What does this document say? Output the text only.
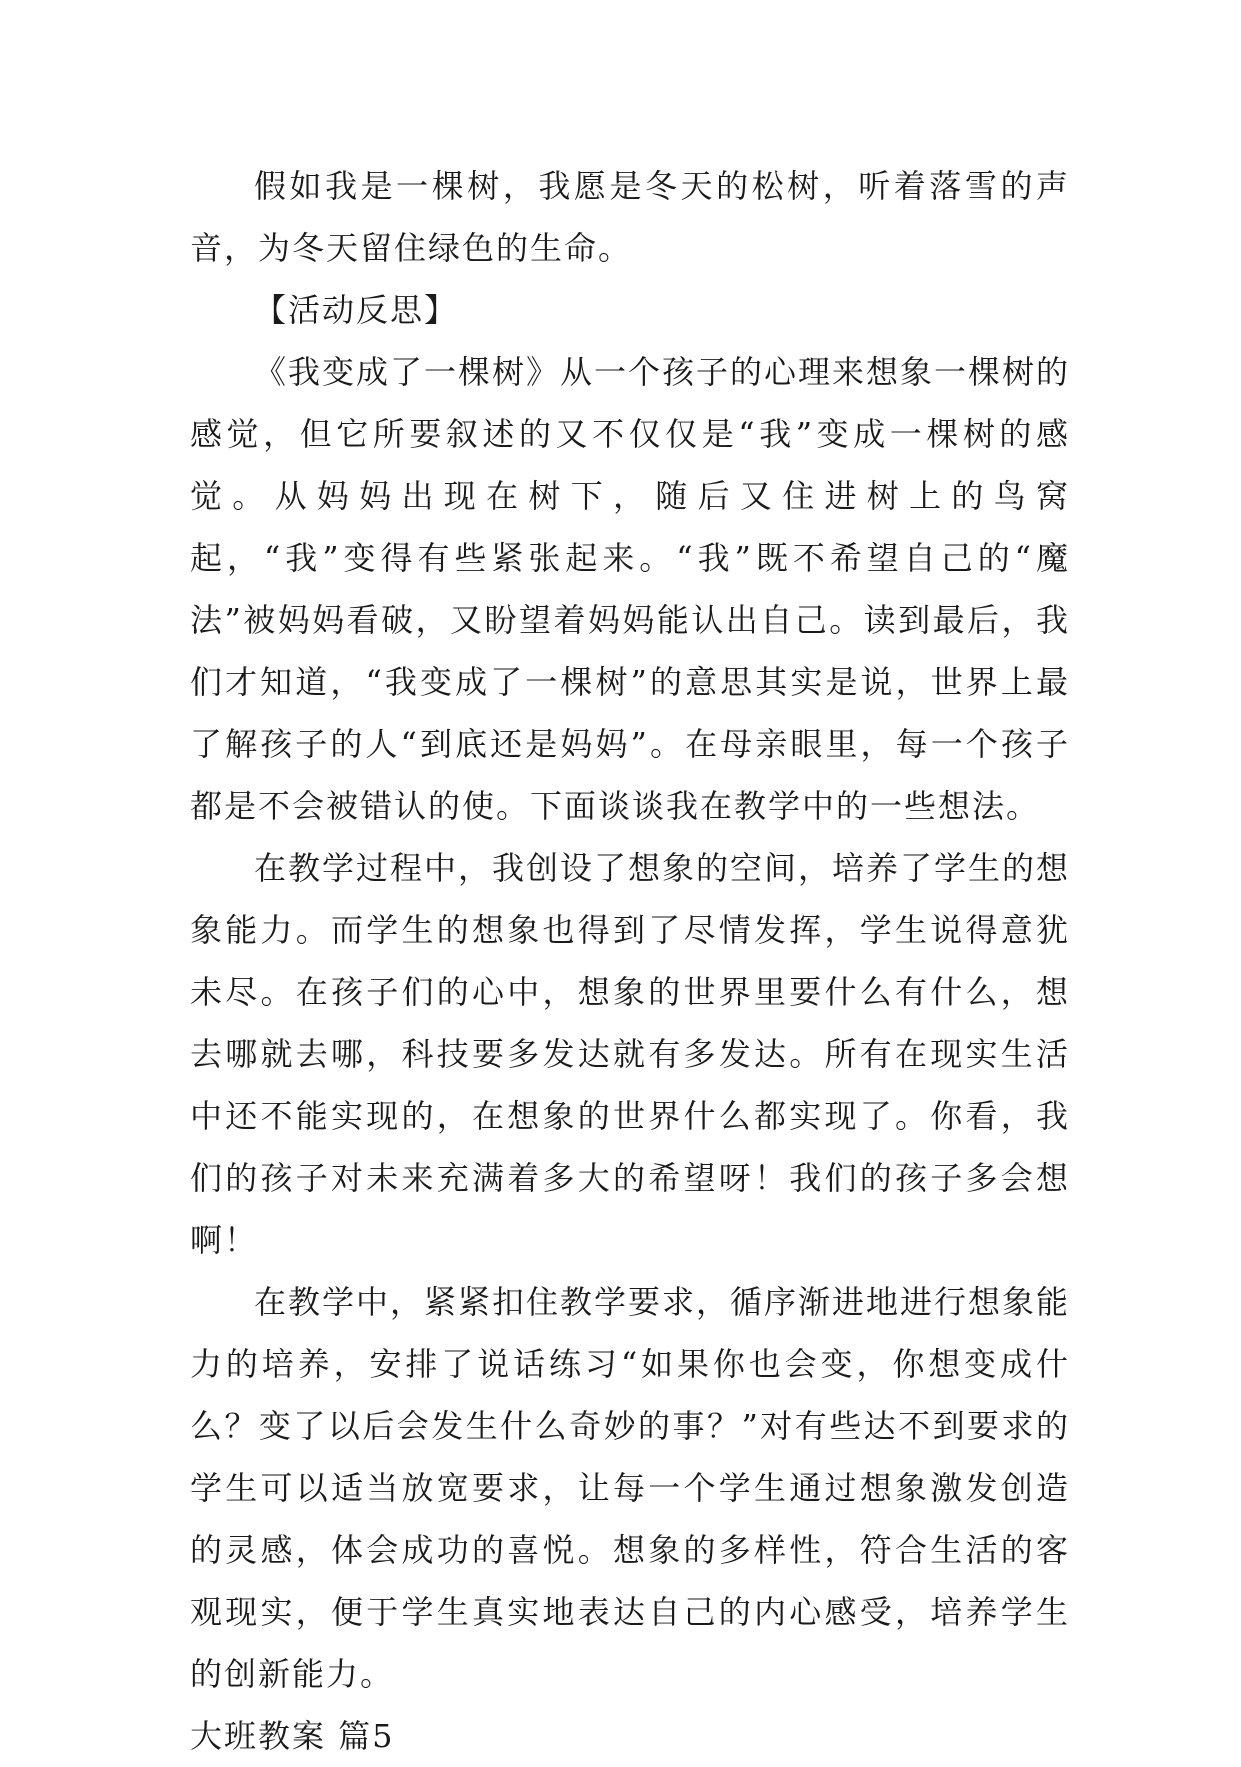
假如我是一棵树，我愿是冬天的松树，听着落雪的声音，为冬天留住绿色的生命。

【活动反思】

《我变成了一棵树》从一个孩子的心理来想象一棵树的感觉，但它所要叙述的又不仅仅是“我”变成一棵树的感觉。从妈妈出现在树下，随后又住进树上的鸟窝起，“我”变得有些紧张起来。“我”既不希望自己的“魔法”被妈妈看破，又盼望着妈妈能认出自己。读到最后，我们才知道，“我变成了一棵树”的意思其实是说，世界上最了解孩子的人“到底还是妈妈”。在母亲眼里，每一个孩子都是不会被错认的使。下面谈谈我在教学中的一些想法。

在教学过程中，我创设了想象的空间，培养了学生的想象能力。而学生的想象也得到了尽情发挥，学生说得意犹未尽。在孩子们的心中，想象的世界里要什么有什么，想去哪就去哪，科技要多发达就有多发达。所有在现实生活中还不能实现的，在想象的世界什么都实现了。你看，我们的孩子对未来充满着多大的希望呀！我们的孩子多会想啊！

在教学中，紧紧扣住教学要求，循序渐进地进行想象能力的培养，安排了说话练习“如果你也会变，你想变成什么？变了以后会发生什么奇妙的事？”对有些达不到要求的学生可以适当放宽要求，让每一个学生通过想象激发创造的灵感，体会成功的喜悦。想象的多样性，符合生活的客观现实，便于学生真实地表达自己的内心感受，培养学生的创新能力。

大班教案 篇5
